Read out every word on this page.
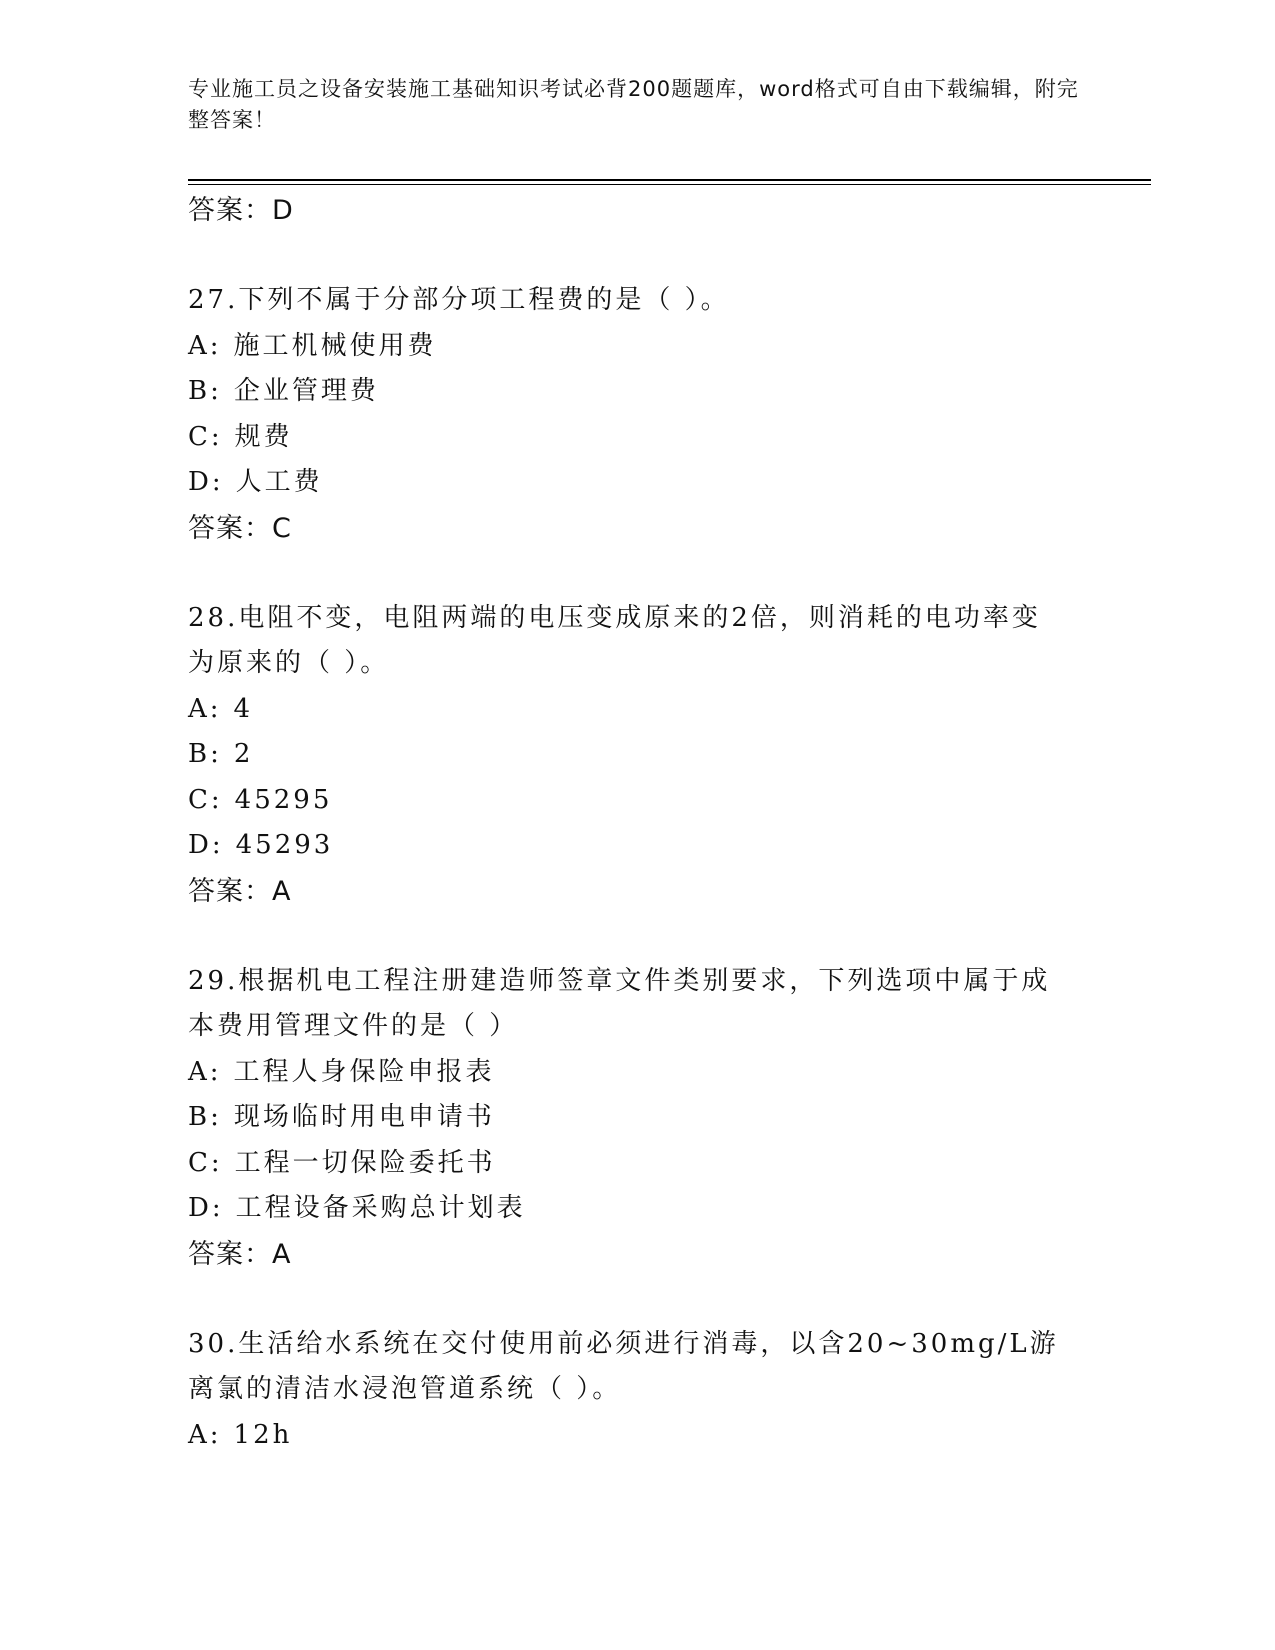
专业施工员之设备安装施工基础知识考试必背200题题库，word格式可自由下载编辑，附完整答案！

答案：D

27.下列不属于分部分项工程费的是（ ）。

A: 施工机械使用费

B: 企业管理费

C: 规费

D: 人工费

答案：C

28.电阻不变，电阻两端的电压变成原来的2倍，则消耗的电功率变为原来的（ ）。

A: 4

B: 2

C: 45295

D: 45293

答案：A

29.根据机电工程注册建造师签章文件类别要求，下列选项中属于成本费用管理文件的是（ ）

A: 工程人身保险申报表

B: 现场临时用电申请书

C: 工程一切保险委托书

D: 工程设备采购总计划表

答案：A

30.生活给水系统在交付使用前必须进行消毒，以含20~30mg/L游离氯的清洁水浸泡管道系统（ ）。

A: 12h
